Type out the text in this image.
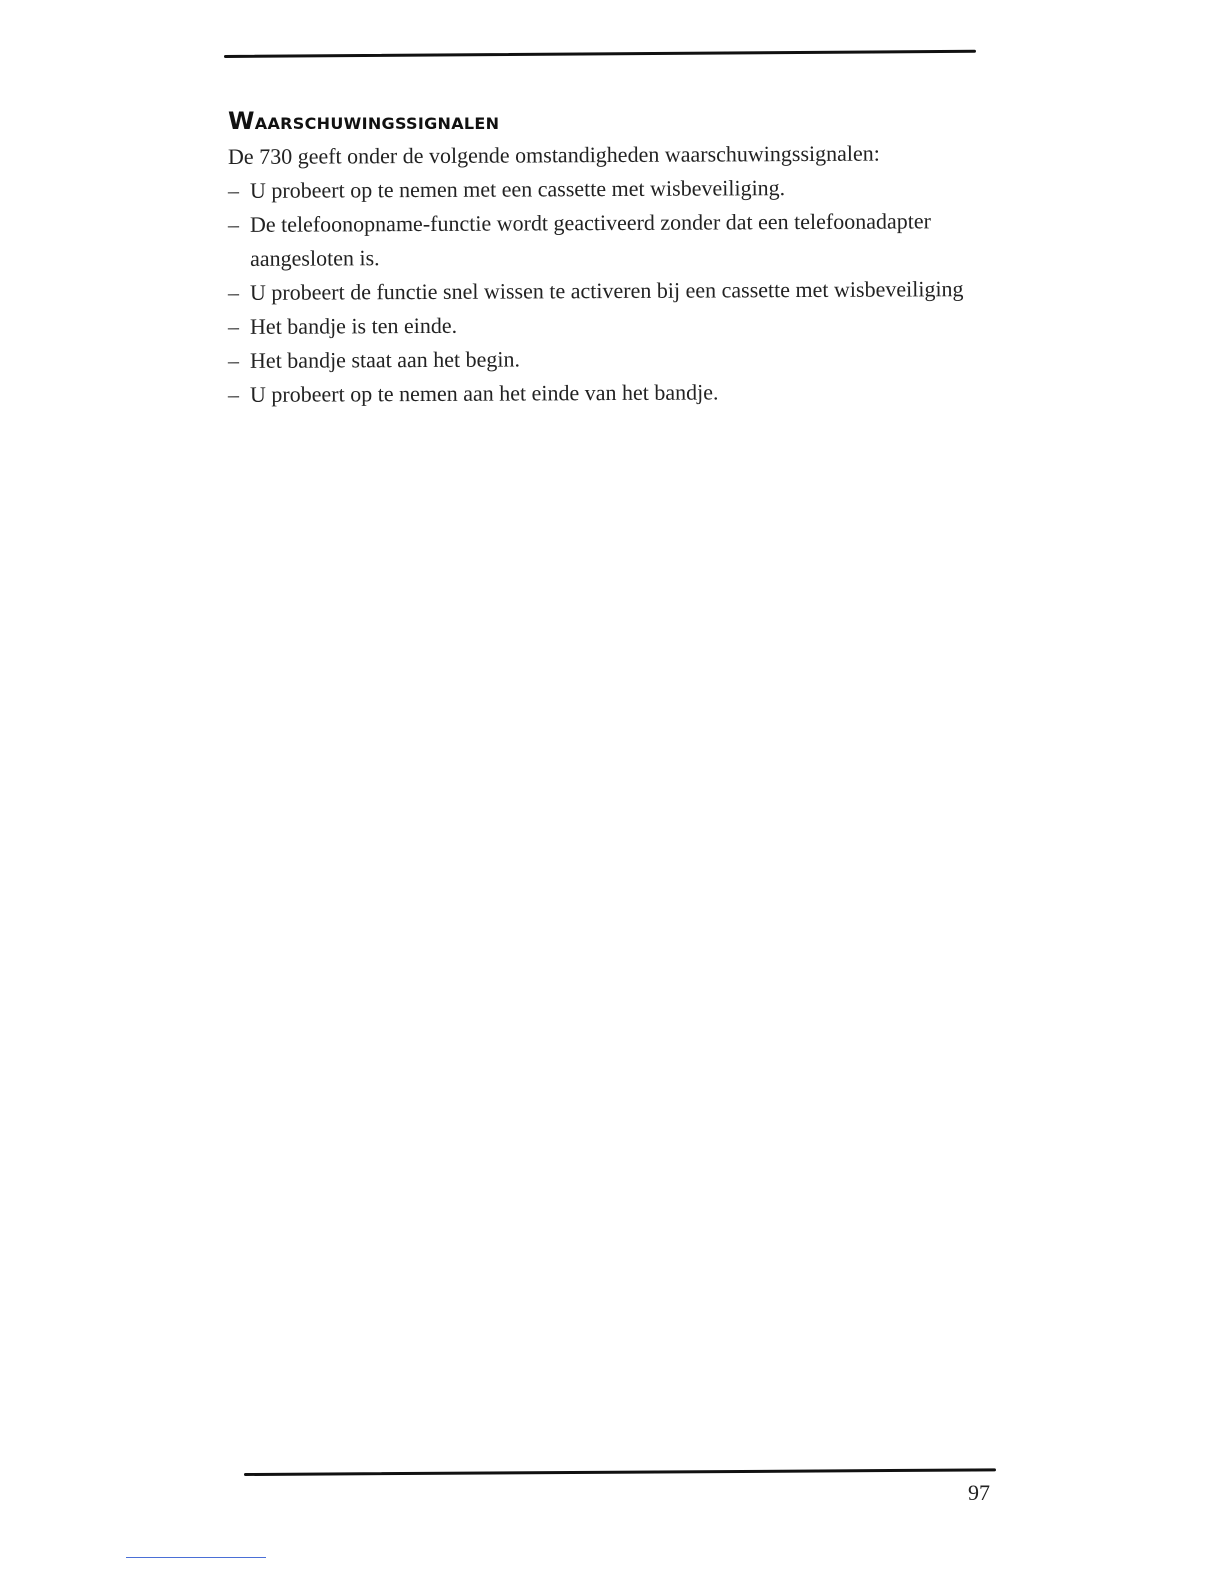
WAARSCHUWINGSSIGNALEN

De 730 geeft onder de volgende omstandigheden waarschuwingssignalen:

– U probeert op te nemen met een cassette met wisbeveiliging.
– De telefoonopname-functie wordt geactiveerd zonder dat een telefoonadapter aangesloten is.
– U probeert de functie snel wissen te activeren bij een cassette met wisbeveiliging
– Het bandje is ten einde.
– Het bandje staat aan het begin.
– U probeert op te nemen aan het einde van het bandje.
97
